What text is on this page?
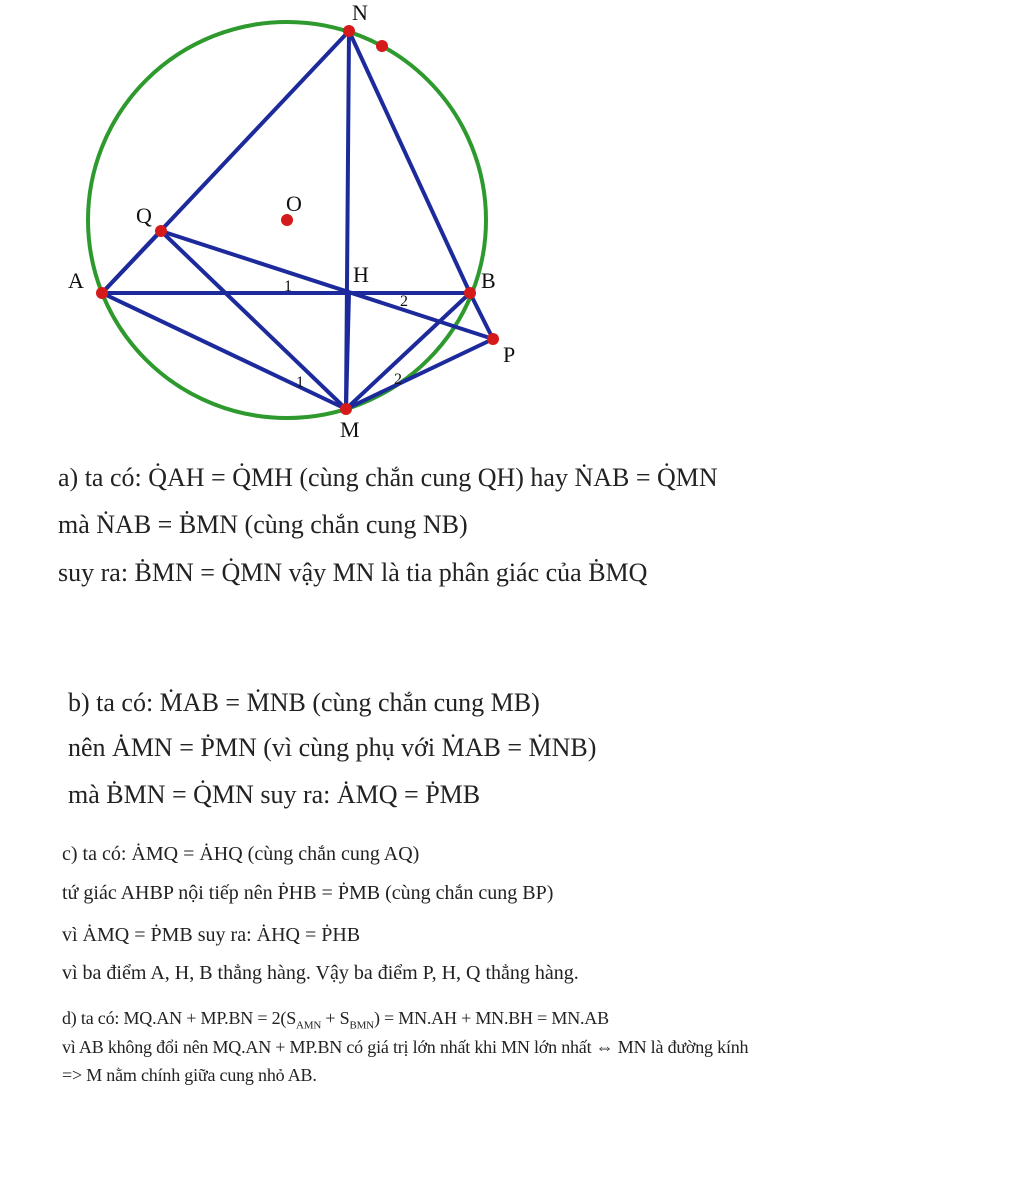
N
O
Q
A	H	B
P
M
1
2
1	2
a) ta có: Q̇AH = Q̇MH (cùng chắn cung QH) hay ṄAB = Q̇MN
mà ṄAB = ḂMN (cùng chắn cung NB)
suy ra: ḂMN = Q̇MN vậy MN là tia phân giác của ḂMQ
b) ta có: ṀAB = ṀNB (cùng chắn cung MB)
nên ȦMN = ṖMN (vì cùng phụ với ṀAB = ṀNB)
mà ḂMN = Q̇MN suy ra: ȦMQ = ṖMB
c) ta có: ȦMQ = ȦHQ (cùng chắn cung AQ)
tứ giác AHBP nội tiếp nên ṖHB = ṖMB (cùng chắn cung BP)
vì ȦMQ = ṖMB suy ra: ȦHQ = ṖHB
vì ba điểm A, H, B thẳng hàng. Vậy ba điểm P, H, Q thẳng hàng.
d) ta có: $MQ.AN + MP.BN = 2(S_{AMN} + S_{BMN}) = MN.AH + MN.BH = MN.AB$
vì AB không đổi nên MQ.AN + MP.BN có giá trị lớn nhất khi MN lớn nhất ⇔ MN là đường kính
=> M nằm chính giữa cung nhỏ AB.
